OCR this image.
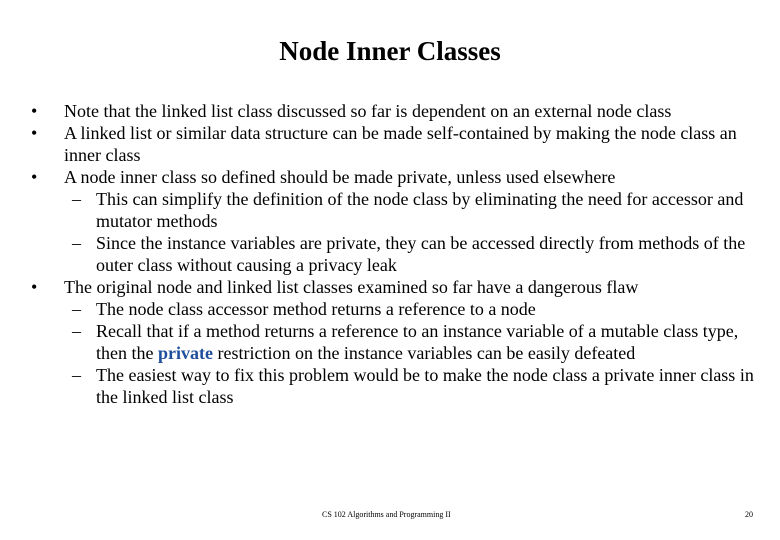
Node Inner Classes
• Note that the linked list class discussed so far is dependent on an external node class
• A linked list or similar data structure can be made self-contained by making the node class an inner class
• A node inner class so defined should be made private, unless used elsewhere
– This can simplify the definition of the node class by eliminating the need for accessor and mutator methods
– Since the instance variables are private, they can be accessed directly from methods of the outer class without causing a privacy leak
• The original node and linked list classes examined so far have a dangerous flaw
– The node class accessor method returns a reference to a node
– Recall that if a method returns a reference to an instance variable of a mutable class type, then the private restriction on the instance variables can be easily defeated
– The easiest way to fix this problem would be to make the node class a private inner class in the linked list class
CS 102 Algorithms and Programming II	20
